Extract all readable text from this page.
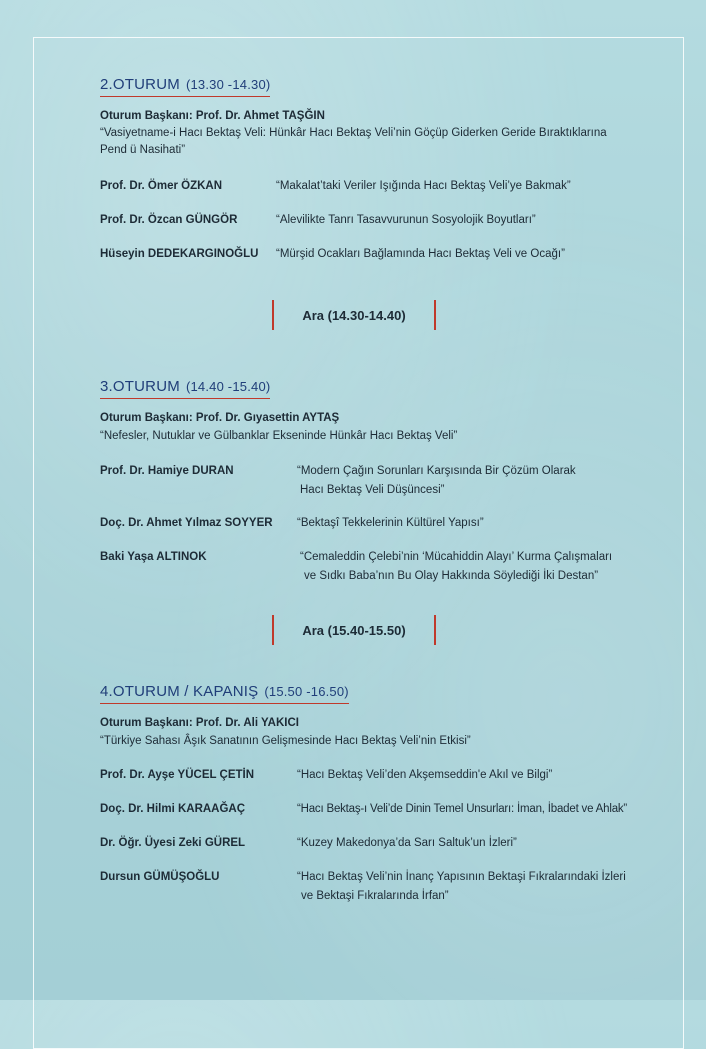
2.OTURUM (13.30 -14.30)
Oturum Başkanı: Prof. Dr. Ahmet TAŞĞIN
“Vasiyetname-i Hacı Bektaş Veli: Hünkâr Hacı Bektaş Veli’nin Göçüp Giderken Geride Bıraktıklarına Pend ü Nasihati”
Prof. Dr. Ömer ÖZKAN	“Makalat’taki Veriler Işığında Hacı Bektaş Veli’ye Bakmak”
Prof. Dr. Özcan GÜNGÖR	“Alevilikte Tanrı Tasavvurunun Sosyolojik Boyutları”
Hüseyin DEDEKARGINOĞLU “Mürşid Ocakları Bağlamında Hacı Bektaş Veli ve Ocağı”
Ara (14.30-14.40)
3.OTURUM (14.40 -15.40)
Oturum Başkanı: Prof. Dr. Gıyasettin AYTAŞ
“Nefesler, Nutuklar ve Gülbanklar Ekseninde Hünkâr Hacı Bektaş Veli”
Prof. Dr. Hamiye DURAN	“Modern Çağın Sorunları Karşısında Bir Çözüm Olarak
Hacı Bektaş Veli Düşüncesi”
Doç. Dr. Ahmet Yılmaz SOYYER “Bektaşî Tekkelerinin Kültürel Yapısı”
Baki Yaşa ALTINOK	“Cemaleddin Çelebi’nin ‘Mücahiddin Alayı’ Kurma Çalışmaları
ve Sıdkı Baba’nın Bu Olay Hakkında Söylediği İki Destan”
Ara (15.40-15.50)
4.OTURUM / KAPANIŞ (15.50 -16.50)
Oturum Başkanı: Prof. Dr. Ali YAKICI
“Türkiye Sahası Âşık Sanatının Gelişmesinde Hacı Bektaş Veli’nin Etkisi”
Prof. Dr. Ayşe YÜCEL ÇETİN	“Hacı Bektaş Veli’den Akşemseddin'e Akıl ve Bilgi”
Doç. Dr. Hilmi KARAAĞAÇ	“Hacı Bektaş-ı Veli’de Dinin Temel Unsurları: İman, İbadet ve Ahlak”
Dr. Öğr. Üyesi Zeki GÜREL	“Kuzey Makedonya’da Sarı Saltuk’un İzleri”
Dursun GÜMÜŞOĞLU	“Hacı Bektaş Veli’nin İnanç Yapısının Bektaşi Fıkralarındaki İzleri
ve Bektaşi Fıkralarında İrfan”
